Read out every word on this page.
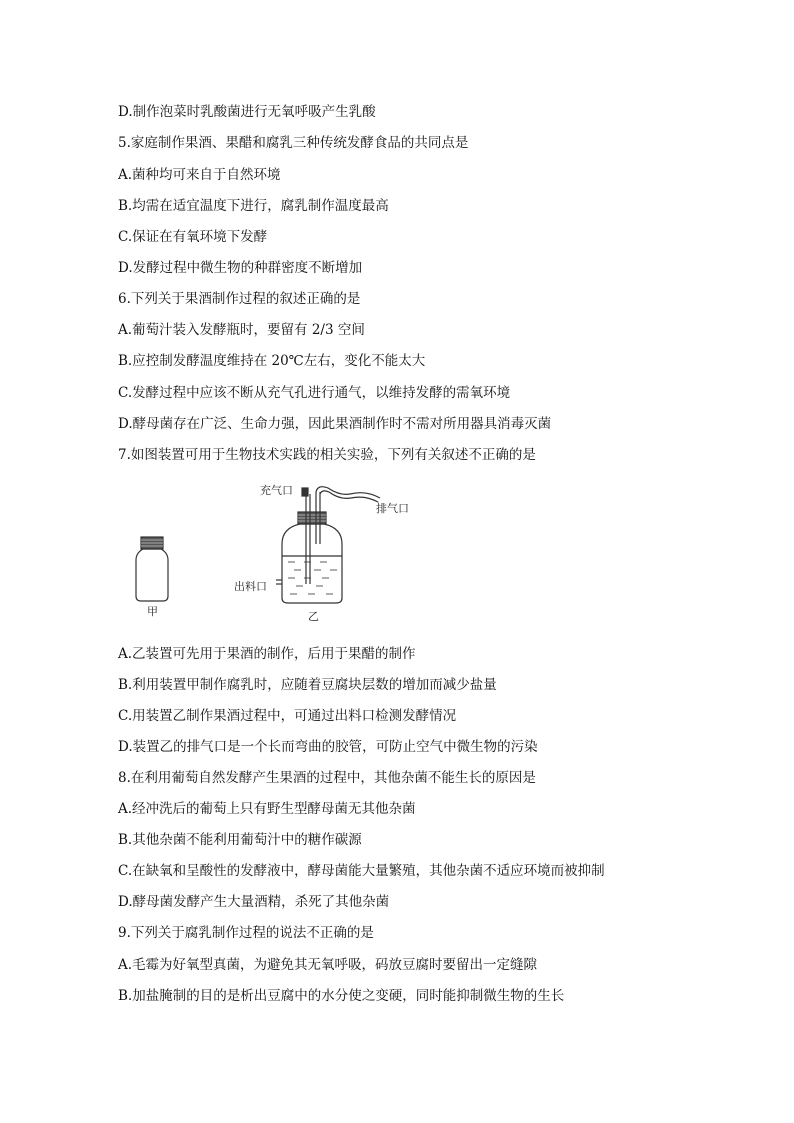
D.制作泡菜时乳酸菌进行无氧呼吸产生乳酸
5.家庭制作果酒、果醋和腐乳三种传统发酵食品的共同点是
A.菌种均可来自于自然环境
B.均需在适宜温度下进行，腐乳制作温度最高
C.保证在有氧环境下发酵
D.发酵过程中微生物的种群密度不断增加
6.下列关于果酒制作过程的叙述正确的是
A.葡萄汁装入发酵瓶时，要留有 2/3 空间
B.应控制发酵温度维持在 20℃左右，变化不能太大
C.发酵过程中应该不断从充气孔进行通气，以维持发酵的需氧环境
D.酵母菌存在广泛、生命力强，因此果酒制作时不需对所用器具消毒灭菌
7.如图装置可用于生物技术实践的相关实验，下列有关叙述不正确的是
甲
充气口
排气口
出料口
乙
A.乙装置可先用于果酒的制作，后用于果醋的制作
B.利用装置甲制作腐乳时，应随着豆腐块层数的增加而减少盐量
C.用装置乙制作果酒过程中，可通过出料口检测发酵情况
D.装置乙的排气口是一个长而弯曲的胶管，可防止空气中微生物的污染
8.在利用葡萄自然发酵产生果酒的过程中，其他杂菌不能生长的原因是
A.经冲洗后的葡萄上只有野生型酵母菌无其他杂菌
B.其他杂菌不能利用葡萄汁中的糖作碳源
C.在缺氧和呈酸性的发酵液中，酵母菌能大量繁殖，其他杂菌不适应环境而被抑制
D.酵母菌发酵产生大量酒精，杀死了其他杂菌
9.下列关于腐乳制作过程的说法不正确的是
A.毛霉为好氧型真菌，为避免其无氧呼吸，码放豆腐时要留出一定缝隙
B.加盐腌制的目的是析出豆腐中的水分使之变硬，同时能抑制微生物的生长
